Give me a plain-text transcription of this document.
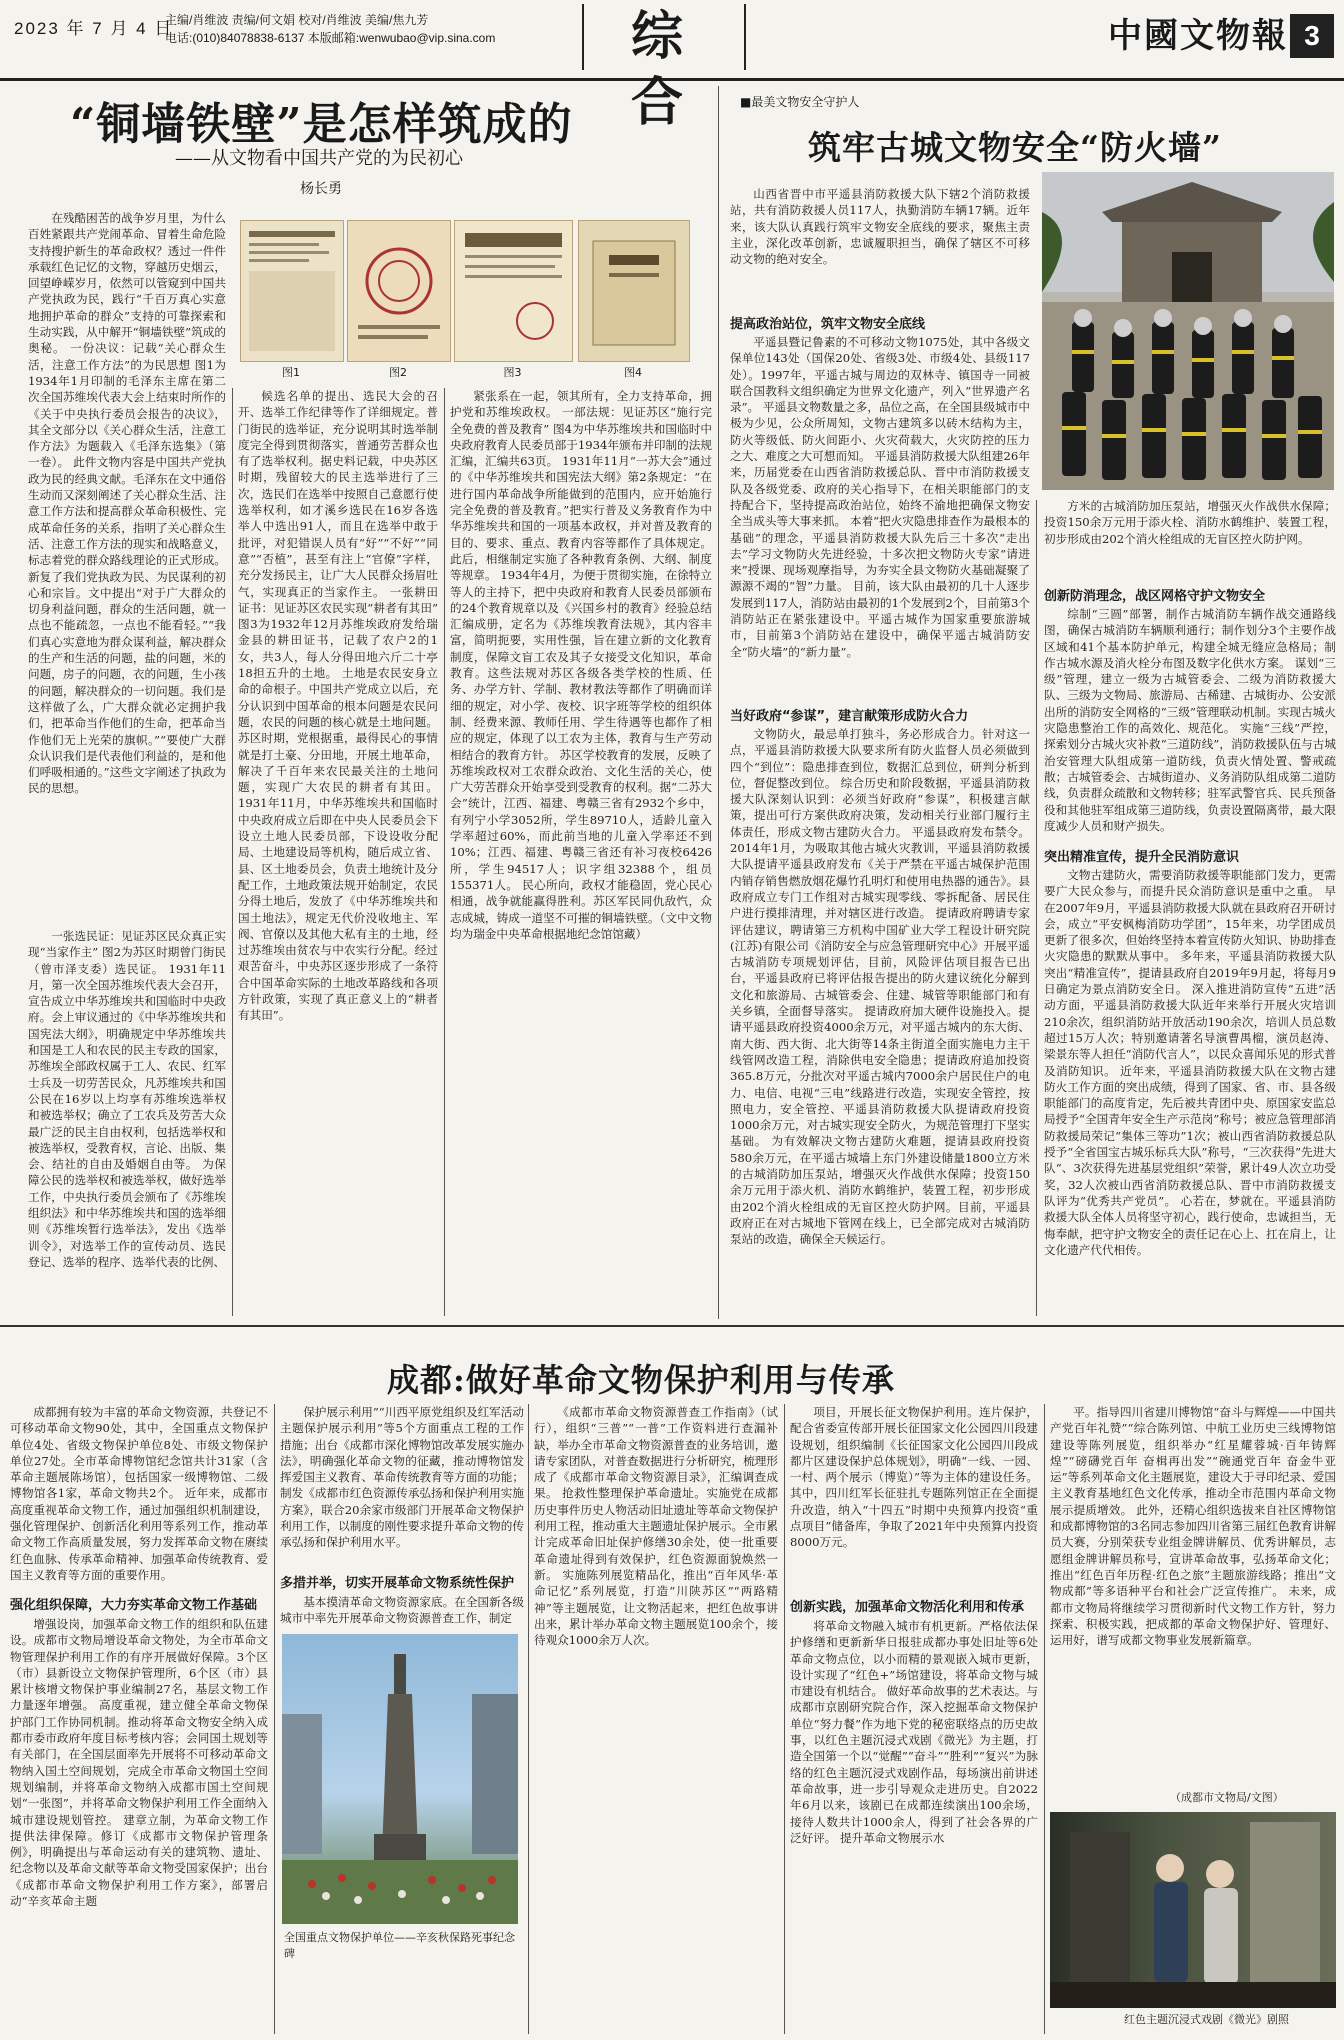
2023 年 7 月 4 日
主编/肖维波 责编/何文娟 校对/肖维波 美编/焦九芳
电话:(010)84078838-6137 本版邮箱:wenwubao@vip.sina.com	综 合
中國文物報 3
“铜墙铁壁”是怎样筑成的
——从文物看中国共产党的为民初心
杨长勇
图1	图2	图3	图4
在残酷困苦的战争岁月里，为什么百姓紧跟共产党闹革命、冒着生命危险支持搜护新生的革命政权？透过一件件承载红色记忆的文物，穿越历史烟云，回望峥嵘岁月，依然可以管窥到中国共产党执政为民，践行“千百万真心实意地拥护革命的群众”支持的可靠探索和生动实践，从中解开“铜墙铁壁”筑成的奥秘。 一份决议：记载“关心群众生活，注意工作方法”的为民思想 图1为1934年1月印制的毛泽东主席在第二次全国苏维埃代表大会上结束时所作的《关于中央执行委员会报告的决议》，其全文部分以《关心群众生活，注意工作方法》为题载入《毛泽东选集》（第一卷）。 此件文物内容是中国共产党执政为民的经典文献。毛泽东在文中通俗生动而又深刻阐述了关心群众生活、注意工作方法和提高群众革命积极性、完成革命任务的关系，指明了关心群众生活、注意工作方法的现实和战略意义，标志着党的群众路线理论的正式形成。新复了我们党执政为民、为民谋利的初心和宗旨。文中提出“对于广大群众的切身利益问题，群众的生活问题，就一点也不能疏忽，一点也不能看轻。”“我们真心实意地为群众谋利益，解决群众的生产和生活的问题，盐的问题，米的问题，房子的问题，衣的问题，生小孩的问题，解决群众的一切问题。我们是这样做了么，广大群众就必定拥护我们，把革命当作他们的生命，把革命当作他们无上光荣的旗帜。”“要使广大群众认识我们是代表他们利益的，是和他们呼吸相通的。”这些文字阐述了执政为民的思想。
一张选民证：见证苏区民众真正实现“当家作主” 图2为苏区时期曾门街民（曾市泽支委）选民证。 1931年11月，第一次全国苏维埃代表大会召开，宣告成立中华苏维埃共和国临时中央政府。会上审议通过的《中华苏维埃共和国宪法大纲》，明确规定中华苏维埃共和国是工人和农民的民主专政的国家，苏维埃全部政权属于工人、农民、红军士兵及一切劳苦民众，凡苏维埃共和国公民在16岁以上均享有苏维埃选举权和被选举权；确立了工农兵及劳苦大众最广泛的民主自由权利，包括选举权和被选举权，受教育权，言论、出版、集会、结社的自由及婚姻自由等。 为保障公民的选举权和被选举权，做好选举工作，中央执行委员会颁布了《苏维埃组织法》和中华苏维埃共和国的选举细则《苏维埃暂行选举法》，发出《选举训令》，对选举工作的宣传动员、选民登记、选举的程序、选举代表的比例、
候选名单的提出、选民大会的召开、选举工作纪律等作了详细规定。普门街民的选举证，充分说明其时选举制度完全得到贯彻落实，普通劳苦群众也有了选举权利。据史料记载，中央苏区时期，残留较大的民主选举进行了三次，选民们在选举中按照自己意愿行使选举权利，如才溪乡选民在16岁各选举人中选出91人，而且在选举中敢于批评，对犯错误人员有“好”“不好”“同意”“否植”，甚至有注上“官僚”字样，充分发扬民主，让广大人民群众扬眉吐气，实现真正的当家作主。 一张耕田证书：见证苏区农民实现“耕者有其田” 图3为1932年12月苏维埃政府发给瑞金县的耕田证书，记载了农户2的1女，共3人，每人分得田地六斤二十亭18担五升的土地。 土地是农民安身立命的命根子。中国共产党成立以后，充分认识到中国革命的根本问题是农民问题，农民的问题的核心就是土地问题。苏区时期，党根据重，最得民心的事情就是打土豪、分田地，开展土地革命，解决了千百年来农民最关注的土地问题，实现广大农民的耕者有其田。1931年11月，中华苏维埃共和国临时中央政府成立后即在中央人民委员会下设立土地人民委员部，下设设收分配局、土地建设局等机构，随后成立省、县、区土地委员会，负责土地统计及分配工作，土地政策法规开始制定，农民分得土地后，发放了《中华苏维埃共和国土地法》，规定无代价没收地主、军阀、官僚以及其他大私有主的土地，经过苏维埃由贫农与中农实行分配。经过艰苦奋斗，中央苏区逐步形成了一条符合中国革命实际的土地改革路线和各项方针政策，实现了真正意义上的“耕者有其田”。
紧张系在一起，领其所有，全力支持革命，拥护党和苏维埃政权。 一部法规：见证苏区“施行完全免费的普及教育” 图4为中华苏维埃共和国临时中央政府教育人民委员部于1934年颁布并印制的法规汇编，汇编共63页。 1931年11月“一苏大会”通过的《中华苏维埃共和国宪法大纲》第2条规定：“在进行国内革命战争所能做到的范围内，应开始施行完全免费的普及教育。”把实行普及义务教育作为中华苏维埃共和国的一项基本政权，并对普及教育的目的、要求、重点、教育内容等都作了具体规定。此后，相继制定实施了各种教育条例、大纲、制度等规章。 1934年4月，为便于贯彻实施，在徐特立等人的主持下，把中央政府和教育人民委员部颁布的24个教育规章以及《兴国乡村的教育》经验总结汇编成册，定名为《苏维埃教育法规》，其内容丰富，简明扼要，实用性强，旨在建立新的文化教育制度，保障文盲工农及其子女接受文化知识，革命教育。这些法规对苏区各级各类学校的性质、任务、办学方针、学制、教材教法等都作了明确而详细的规定，对小学、夜校、识字班等学校的组织体制、经费来源、教师任用、学生待遇等也都作了相应的规定，体现了以工农为主体，教育与生产劳动相结合的教育方针。 苏区学校教育的发展，反映了苏维埃政权对工农群众政治、文化生活的关心，使广大劳苦群众开始享受到受教育的权利。据“二苏大会”统计，江西、福建、粤赣三省有2932个乡中，有列宁小学3052所，学生89710人，适龄儿童入学率超过60%，而此前当地的儿童入学率还不到10%；江西、福建、粤赣三省还有补习夜校6426所，学生94517人；识字组32388个，组员155371人。 民心所向，政权才能稳固，党心民心相通，战争就能赢得胜利。苏区军民同仇敌忾，众志成城，铸成一道坚不可摧的铜墙铁壁。（文中文物均为瑞金中央革命根据地纪念馆馆藏）
■最美文物安全守护人
筑牢古城文物安全“防火墙”
山西省晋中市平遥县消防救援大队下辖2个消防救援站，共有消防救援人员117人，执勤消防车辆17辆。近年来，该大队认真践行筑牢文物安全底线的要求，聚焦主责主业，深化改革创新，忠诚履职担当，确保了辖区不可移动文物的绝对安全。
提高政治站位，筑牢文物安全底线
平遥县暨记鲁素的不可移动文物1075处，其中各级文保单位143处（国保20处、省级3处、市级4处、县级117处）。1997年，平遥古城与周边的双林寺、镇国寺一同被联合国教科文组织确定为世界文化遗产，列入“世界遗产名录”。 平遥县文物数量之多，品位之高，在全国县级城市中极为少见，公众所周知，文物古建筑多以砖木结构为主，防火等级低、防火间距小、火灾荷载大，火灾防控的压力之大、难度之大可想而知。 平遥县消防救援大队组建26年来，历届党委在山西省消防救援总队、晋中市消防救援支队及各级党委、政府的关心指导下，在相关职能部门的支持配合下，坚持提高政治站位，始终不渝地把确保文物安全当成头等大事来抓。 本着“把火灾隐患排查作为最根本的基础”的理念，平遥县消防救援大队先后三十多次“走出去”学习文物防火先进经验，十多次把文物防火专家“请进来”授课、现场观摩指导，为夯实全县文物防火基础凝聚了源源不竭的“智”力量。 目前，该大队由最初的几十人逐步发展到117人，消防站由最初的1个发展到2个，目前第3个消防站正在紧张建设中。平遥古城作为国家重要旅游城市，目前第3个消防站在建设中，确保平遥古城消防安全“防火墙”的“新力量”。
当好政府“参谋”，建言献策形成防火合力
文物防火，最忌单打独斗，务必形成合力。针对这一点，平遥县消防救援大队要求所有防火监督人员必须做到四个“到位”：隐患排查到位，数据汇总到位，研判分析到位，督促整改到位。 综合历史和阶段数据，平遥县消防救援大队深刻认识到：必须当好政府“参谋”，积极建言献策，提出可行方案供政府决策，发动相关行业部门履行主体责任，形成文物古建防火合力。 平遥县政府发布禁令。2014年1月，为吸取其他古城火灾教训，平遥县消防救援大队提请平遥县政府发布《关于严禁在平遥古城保护范围内销存销售燃放烟花爆竹孔明灯和使用电热器的通告》。县政府成立专门工作组对古城实现零线、零拆配备、居民住户进行摸排清理，并对辖区进行改造。 提请政府聘请专家评估建议，聘请第三方机构中国矿业大学工程设计研究院(江苏)有限公司《消防安全与应急管理研究中心》开展平遥古城消防专项规划评估，目前，风险评估项目报告已出台，平遥县政府已将评估报告提出的防火建议统化分解到文化和旅游局、古城管委会、住建、城管等职能部门和有关乡镇，全面督导落实。 提请政府加大硬件设施投入。提请平遥县政府投资4000余万元，对平遥古城内的东大街、南大街、西大街、北大街等14条主街道全面实施电力主干线管网改造工程，消除供电安全隐患；提请政府追加投资365.8万元，分批次对平遥古城内7000余户居民住户的电力、电信、电视“三电”线路进行改造，实现安全管控，按照电力，安全管控、平遥县消防救援大队提请政府投资1000余万元，对古城实现安全防火，为规范管理打下坚实基础。 为有效解决文物古建防火难题，提请县政府投资580余万元，在平遥古城墙上东门外建设储量1800立方米的古城消防加压泵站，增强灭火作战供水保障；投资150余万元用于添火机、消防水鹤维护，装置工程，初步形成由202个消火栓组成的无盲区控火防护网。目前，平遥县政府正在对古城地下管网在线上，已全部完成对古城消防泵站的改造，确保全天候运行。
方米的古城消防加压泵站，增强灭火作战供水保障；投资150余万元用于添火栓、消防水鹤维护、装置工程，初步形成由202个消火栓组成的无盲区控火防护网。
创新防消理念，战区网格守护文物安全
综制“三圆”部署，制作古城消防车辆作战交通路线图，确保古城消防车辆顺利通行；制作划分3个主要作战区域和41个基本防护单元，构建全城无缝应急格局；制作古城水源及消火栓分布图及数字化供水方案。 谋划“三级”管理，建立一级为古城管委会、二级为消防救援大队、三级为文物局、旅游局、古稀建、古城街办、公安派出所的消防安全网格的“三级”管理联动机制。实现古城火灾隐患整治工作的高效化、规范化。 实施“三线”严控，探索划分古城火灾补救“三道防线”，消防救援队伍与古城治安管理大队组成第一道防线，负责火情处置、警戒疏散；古城管委会、古城街道办、义务消防队组成第二道防线，负责群众疏散和文物转移；驻军武警官兵、民兵预备役和其他驻军组成第三道防线，负责设置隔离带，最大限度减少人员和财产损失。
突出精准宣传，提升全民消防意识
文物古建防火，需要消防救援等职能部门发力，更需要广大民众参与，而提升民众消防意识是重中之重。 早在2007年9月，平遥县消防救援大队就在县政府召开研讨会，成立“平安枫梅消防功学团”，15年来，功学团成员更新了很多次，但始终坚持本着宣传防火知识、协助排查火灾隐患的默默从事中。 多年来，平遥县消防救援大队突出“精准宣传”，提请县政府自2019年9月起，将每月9日确定为景点消防安全日。 深入推进消防宣传“五进”活动方面，平遥县消防救援大队近年来举行开展火灾培训210余次，组织消防站开放活动190余次，培训人员总数超过15万人次；特别邀请著名导演曹禺榴，演员赵涛、梁景东等人担任“消防代言人”，以民众喜闻乐见的形式普及消防知识。 近年来，平遥县消防救援大队在文物古建防火工作方面的突出成绩，得到了国家、省、市、县各级职能部门的高度肯定，先后被共青团中央、原国家安监总局授予“全国青年安全生产示范岗”称号；被应急管理部消防救援局荣记“集体三等功”1次；被山西省消防救援总队授予“全省国宝古城乐标兵大队”称号，“三次获得”先进大队“、3次获得先进基层党组织”荣誉，累计49人次立功受奖，32人次被山西省消防救援总队、晋中市消防救援支队评为“优秀共产党员”。 心若在，梦就在。平遥县消防救援大队全体人员将坚守初心，践行使命，忠诚担当，无悔奉献，把守护文物安全的责任记在心上、扛在肩上，让文化遗产代代相传。
成都:做好革命文物保护利用与传承
成都拥有较为丰富的革命文物资源，共登记不可移动革命文物90处，其中，全国重点文物保护单位4处、省级文物保护单位8处、市级文物保护单位27处。全市革命博物馆纪念馆共计31家（含革命主题展陈场馆），包括国家一级博物馆、二级博物馆各1家，革命文物共2个。 近年来，成都市高度重视革命文物工作，通过加强组织机制建设，强化管理保护、创新活化利用等系列工作，推动革命文物工作高质量发展，努力发挥革命文物在赓续红色血脉、传承革命精神、加强革命传统教育、爱国主义教育等方面的重要作用。
强化组织保障，大力夯实革命文物工作基础
增强设岗，加强革命文物工作的组织和队伍建设。成都市文物局增设革命文物处，为全市革命文物管理保护利用工作的有序开展做好保障。3个区（市）县新设立文物保护管理所，6个区（市）县累计核增文物保护事业编制27名，基层文物工作力量逐年增强。 高度重视，建立健全革命文物保护部门工作协同机制。推动将革命文物安全纳入成都市委市政府年度目标考核内容；会同国土规划等有关部门，在全国层面率先开展将不可移动革命文物纳入国土空间规划，完成全市革命文物国土空间规划编制，并将革命文物纳入成都市国土空间规划“一张图”，并将革命文物保护利用工作全面纳入城市建设规划管控。 建章立制，为革命文物工作提供法律保障。修订《成都市文物保护管理条例》，明确提出与革命运动有关的建筑物、遗址、纪念物以及革命文献等革命文物受国家保护；出台《成都市革命文物保护利用工作方案》，部署启动“辛亥革命主题
保护展示利用”“川西平原党组织及红军活动主题保护展示利用”等5个方面重点工程的工作措施；出台《成都市深化博物馆改革发展实施办法》，明确强化革命文物的征藏，推动博物馆发挥爱国主义教育、革命传统教育等方面的功能；制发《成都市红色资源传承弘扬和保护利用实施方案》，联合20余家市级部门开展革命文物保护利用工作，以制度的刚性要求提升革命文物的传承弘扬和保护利用水平。
多措并举，切实开展革命文物系统性保护
基本摸清革命文物资源家底。在全国新各级城市中率先开展革命文物资源普查工作，制定
全国重点文物保护单位——辛亥秋保路死事纪念碑
《成都市革命文物资源普查工作指南》（试行），组织“三普”“一普”工作资料进行查漏补缺，举办全市革命文物资源普查的业务培训，邀请专家团队，对普查数据进行分析研究，梳理形成了《成都市革命文物资源目录》，汇编调查成果。 抢救性整理保护革命遗址。实施党在成都历史事件历史人物活动旧址遗址等革命文物保护利用工程，推动重大主题遗址保护展示。全市累计完成革命旧址保护修缮30余处，使一批重要革命遗址得到有效保护，红色资源面貌焕然一新。 实施陈列展览精品化，推出“百年风华·革命记忆”系列展览，打造“川陕苏区”“两路精神”等主题展览，让文物活起来，把红色故事讲出来，累计举办革命文物主题展览100余个，接待观众1000余万人次。
项目，开展长征文物保护利用。连片保护，配合省委宣传部开展长征国家文化公园四川段建设规划，组织编制《长征国家文化公园四川段成都片区建设保护总体规划》，明确“一线、一园、一村、两个展示（博览）”等为主体的建设任务。其中，四川红军长征驻扎专题陈列馆正在全面提升改造，纳入“十四五”时期中央预算内投资“重点项目”储备库，争取了2021年中央预算内投资8000万元。
创新实践，加强革命文物活化利用和传承
将革命文物融入城市有机更新。严格依法保护修缮和更新新华日报驻成都办事处旧址等6处革命文物点位，以小而精的景观嵌入城市更新，设计实现了“红色+”场馆建设，将革命文物与城市建设有机结合。 做好革命故事的艺术表达。与成都市京剧研究院合作，深入挖掘革命文物保护单位“努力餐”作为地下党的秘密联络点的历史故事，以红色主题沉浸式戏剧《微光》为主题，打造全国第一个以“觉醒”“奋斗”“胜利”“复兴”为脉络的红色主题沉浸式戏剧作品，每场演出前讲述革命故事，进一步引导观众走进历史。自2022年6月以来，该剧已在成都连续演出100余场，接待人数共计1000余人，得到了社会各界的广泛好评。 提升革命文物展示水
平。指导四川省建川博物馆“奋斗与辉煌——中国共产党百年礼赞”“综合陈列馆、中航工业历史三线博物馆建设等陈列展览，组织举办“红星耀蓉城·百年铸辉煌”“磅礴党百年 奋楫再出发”“碗通党百年 奋金牛亚运”等系列革命文化主题展览，建设大于寻印纪录、爱国主义教育基地红色文化传承，推动全市范围内革命文物展示提质增效。 此外，还精心组织选拔来自社区博物馆和成都博物馆的3名同志参加四川省第三届红色教育讲解员大赛，分别荣获专业组金牌讲解员、优秀讲解员，志愿组金牌讲解员称号，宣讲革命故事，弘扬革命文化；推出“红色百年历程·红色之旅”主题旅游线路；推出“文物成都”等多语种平台和社会广泛宣传推广。 未来，成都市文物局将继续学习贯彻新时代文物工作方针，努力探索、积极实践，把成都的革命文物保护好、管理好、运用好，谱写成都文物事业发展新篇章。
（成都市文物局/文图）
红色主题沉浸式戏剧《微光》剧照
